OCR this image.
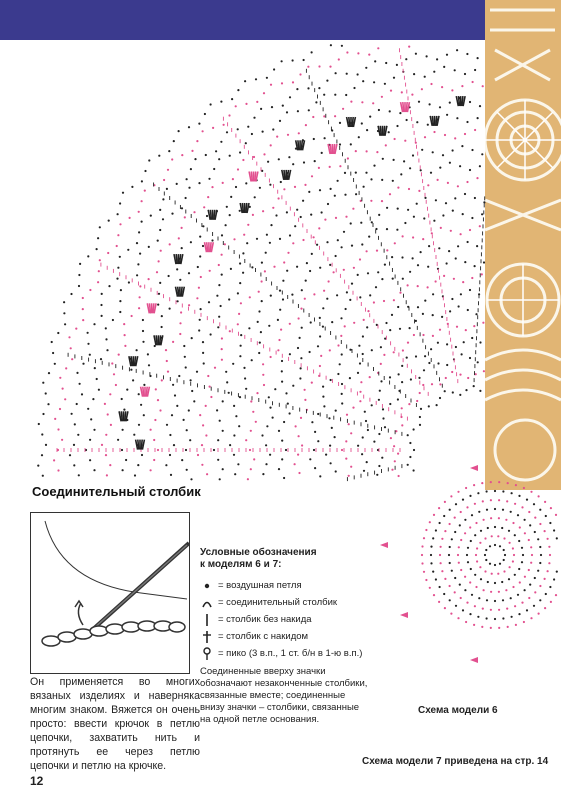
Соединительный столбик
Он применяется во многих вязаных изделиях и наверняка многим знаком. Вяжется он очень просто: ввести крючок в петлю цепочки, захватить нить и протянуть ее через петлю цепочки и петлю на крючке.
Условные обозначения
к моделям 6 и 7:
= воздушная петля
= соединительный столбик
= столбик без накида
= столбик с накидом
= пико (3 в.п., 1 ст. б/н в 1-ю в.п.)
Соединенные вверху значки обозначают незаконченные столбики, связанные вместе; соединенные внизу значки – столбики, связанные на одной петле основания.
Схема модели 6
Схема модели 7 приведена на стр. 14
12
